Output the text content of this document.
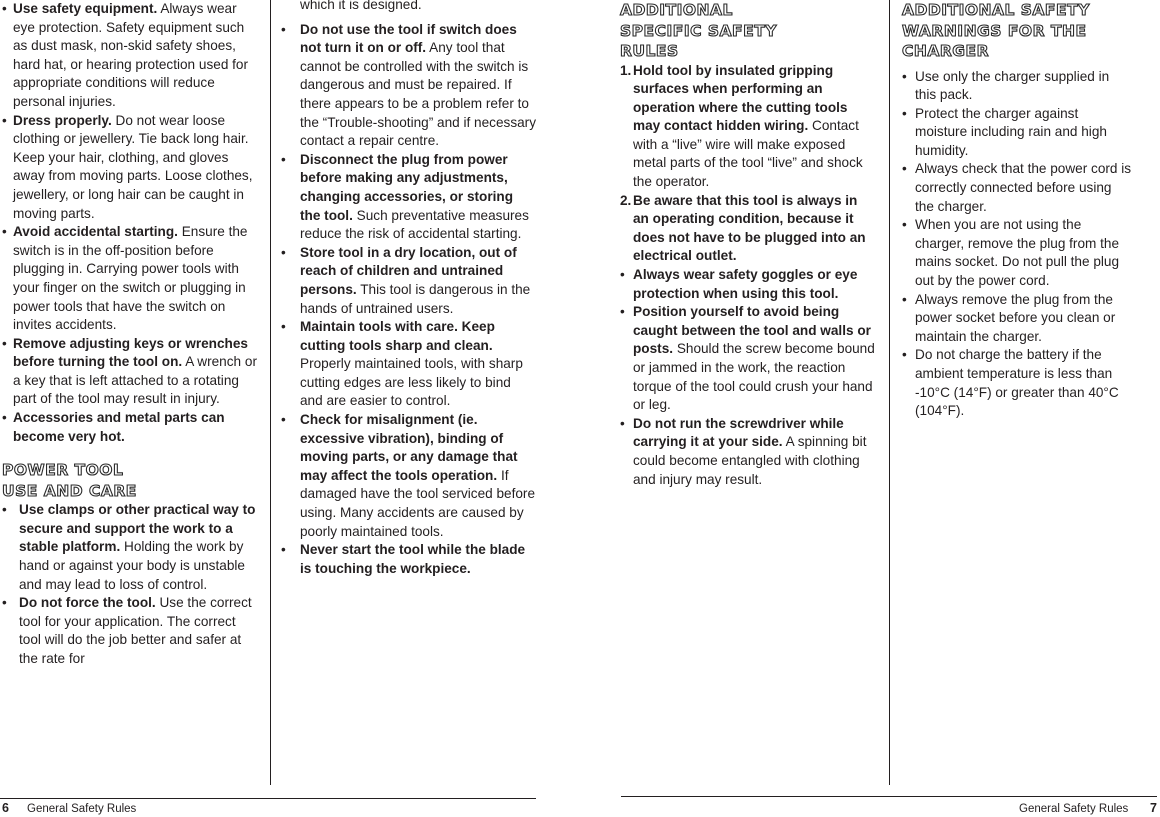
• Use safety equipment. Always wear eye protection. Safety equipment such as dust mask, non-skid safety shoes, hard hat, or hearing protection used for appropriate conditions will reduce personal injuries.
• Dress properly. Do not wear loose clothing or jewellery. Tie back long hair. Keep your hair, clothing, and gloves away from moving parts. Loose clothes, jewellery, or long hair can be caught in moving parts.
• Avoid accidental starting. Ensure the switch is in the off-position before plugging in. Carrying power tools with your finger on the switch or plugging in power tools that have the switch on invites accidents.
• Remove adjusting keys or wrenches before turning the tool on. A wrench or a key that is left attached to a rotating part of the tool may result in injury.
• Accessories and metal parts can become very hot.
POWER TOOL USE AND CARE
• Use clamps or other practical way to secure and support the work to a stable platform. Holding the work by hand or against your body is unstable and may lead to loss of control.
• Do not force the tool. Use the correct tool for your application. The correct tool will do the job better and safer at the rate for

which it is designed.

• Do not use the tool if switch does not turn it on or off. Any tool that cannot be controlled with the switch is dangerous and must be repaired. If there appears to be a problem refer to the “Trouble-shooting” and if necessary contact a repair centre.
• Disconnect the plug from power before making any adjustments, changing accessories, or storing the tool. Such preventative measures reduce the risk of accidental starting.
• Store tool in a dry location, out of reach of children and untrained persons. This tool is dangerous in the hands of untrained users.
• Maintain tools with care. Keep cutting tools sharp and clean. Properly maintained tools, with sharp cutting edges are less likely to bind and are easier to control.
• Check for misalignment (ie. excessive vibration), binding of moving parts, or any damage that may affect the tools operation. If damaged have the tool serviced before using. Many accidents are caused by poorly maintained tools.
• Never start the tool while the blade is touching the workpiece.
ADDITIONAL SPECIFIC SAFETY RULES
1. Hold tool by insulated gripping surfaces when performing an operation where the cutting tools may contact hidden wiring. Contact with a “live” wire will make exposed metal parts of the tool “live” and shock the operator.
2. Be aware that this tool is always in an operating condition, because it does not have to be plugged into an electrical outlet.
• Always wear safety goggles or eye protection when using this tool.
• Position yourself to avoid being caught between the tool and walls or posts. Should the screw become bound or jammed in the work, the reaction torque of the tool could crush your hand or leg.
• Do not run the screwdriver while carrying it at your side. A spinning bit could become entangled with clothing and injury may result.
ADDITIONAL SAFETY WARNINGS FOR THE CHARGER
• Use only the charger supplied in this pack.
• Protect the charger against moisture including rain and high humidity.
• Always check that the power cord is correctly connected before using the charger.
• When you are not using the charger, remove the plug from the mains socket. Do not pull the plug out by the power cord.
• Always remove the plug from the power socket before you clean or maintain the charger.
• Do not charge the battery if the ambient temperature is less than -10°C (14°F) or greater than 40°C (104°F).
6 General Safety Rules	General Safety Rules 7
